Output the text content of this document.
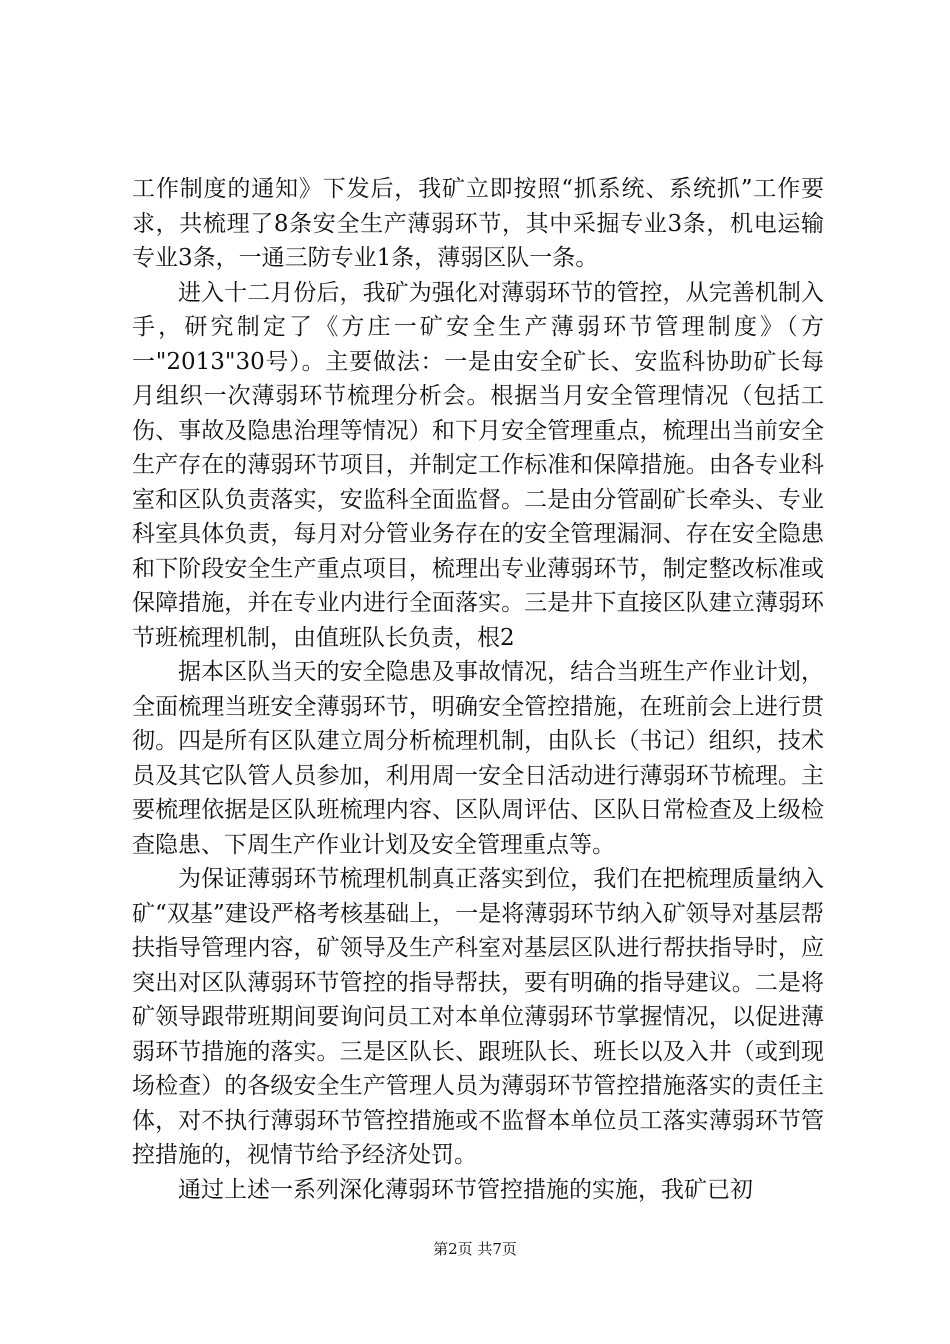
工作制度的通知》下发后，我矿立即按照“抓系统、系统抓”工作要求，共梳理了8条安全生产薄弱环节，其中采掘专业3条，机电运输专业3条，一通三防专业1条，薄弱区队一条。

进入十二月份后，我矿为强化对薄弱环节的管控，从完善机制入手，研究制定了《方庄一矿安全生产薄弱环节管理制度》（方一"2013"30号）。主要做法：一是由安全矿长、安监科协助矿长每月组织一次薄弱环节梳理分析会。根据当月安全管理情况（包括工伤、事故及隐患治理等情况）和下月安全管理重点，梳理出当前安全生产存在的薄弱环节项目，并制定工作标准和保障措施。由各专业科室和区队负责落实，安监科全面监督。二是由分管副矿长牵头、专业科室具体负责，每月对分管业务存在的安全管理漏洞、存在安全隐患和下阶段安全生产重点项目，梳理出专业薄弱环节，制定整改标准或保障措施，并在专业内进行全面落实。三是井下直接区队建立薄弱环节班梳理机制，由值班队长负责，根2

据本区队当天的安全隐患及事故情况，结合当班生产作业计划，全面梳理当班安全薄弱环节，明确安全管控措施，在班前会上进行贯彻。四是所有区队建立周分析梳理机制，由队长（书记）组织，技术员及其它队管人员参加，利用周一安全日活动进行薄弱环节梳理。主要梳理依据是区队班梳理内容、区队周评估、区队日常检查及上级检查隐患、下周生产作业计划及安全管理重点等。

为保证薄弱环节梳理机制真正落实到位，我们在把梳理质量纳入矿“双基”建设严格考核基础上，一是将薄弱环节纳入矿领导对基层帮扶指导管理内容，矿领导及生产科室对基层区队进行帮扶指导时，应突出对区队薄弱环节管控的指导帮扶，要有明确的指导建议。二是将矿领导跟带班期间要询问员工对本单位薄弱环节掌握情况，以促进薄弱环节措施的落实。三是区队长、跟班队长、班长以及入井（或到现场检查）的各级安全生产管理人员为薄弱环节管控措施落实的责任主体，对不执行薄弱环节管控措施或不监督本单位员工落实薄弱环节管控措施的，视情节给予经济处罚。

通过上述一系列深化薄弱环节管控措施的实施，我矿已初

第2页 共7页
